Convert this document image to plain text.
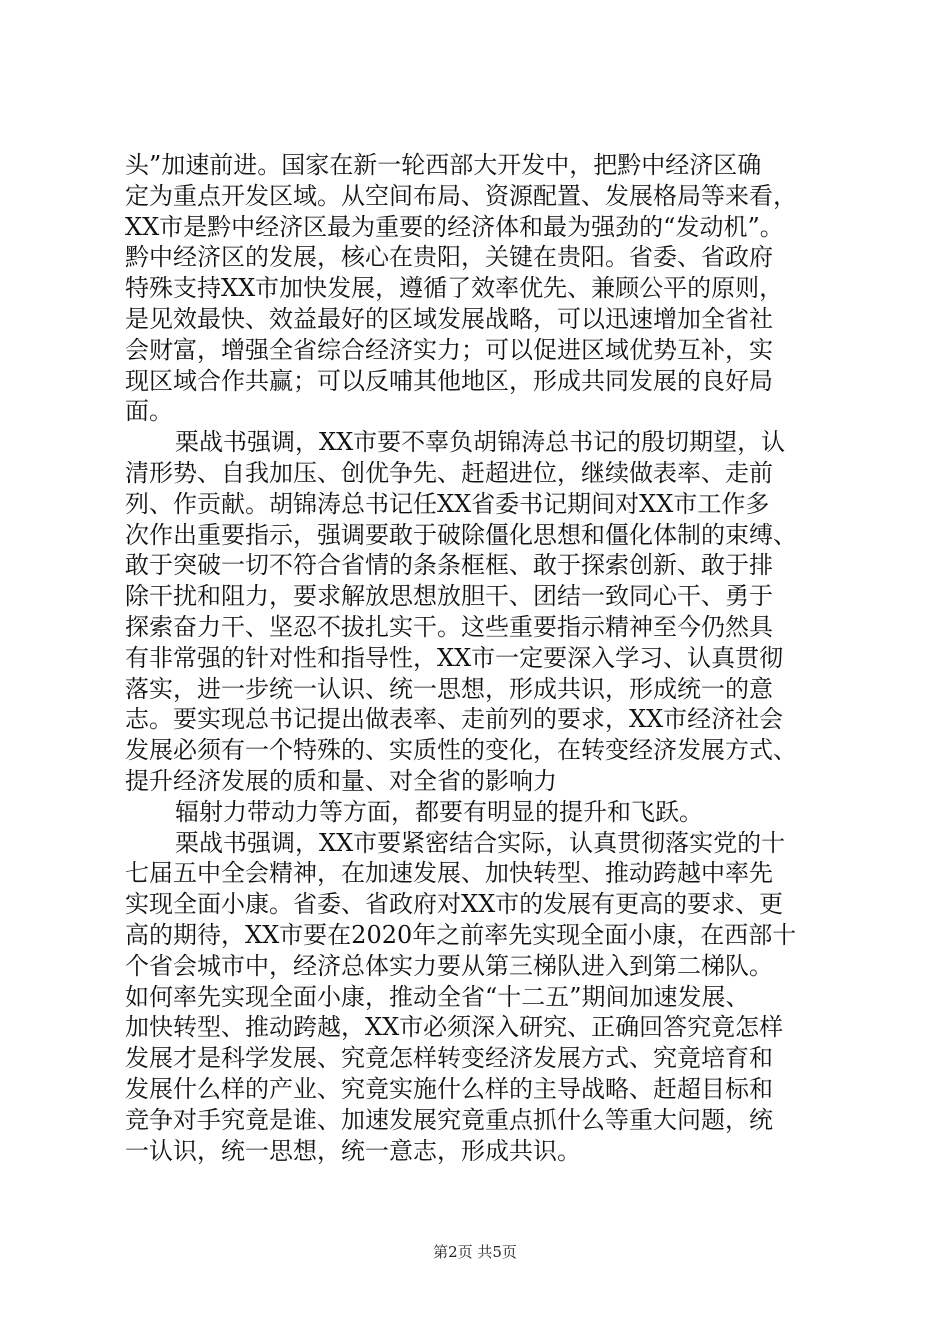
头”加速前进。国家在新一轮西部大开发中，把黔中经济区确
定为重点开发区域。从空间布局、资源配置、发展格局等来看，
XX市是黔中经济区最为重要的经济体和最为强劲的“发动机”。
黔中经济区的发展，核心在贵阳，关键在贵阳。省委、省政府
特殊支持XX市加快发展，遵循了效率优先、兼顾公平的原则，
是见效最快、效益最好的区域发展战略，可以迅速增加全省社
会财富，增强全省综合经济实力；可以促进区域优势互补，实
现区域合作共赢；可以反哺其他地区，形成共同发展的良好局
面。
栗战书强调，XX市要不辜负胡锦涛总书记的殷切期望，认
清形势、自我加压、创优争先、赶超进位，继续做表率、走前
列、作贡献。胡锦涛总书记任XX省委书记期间对XX市工作多
次作出重要指示，强调要敢于破除僵化思想和僵化体制的束缚、
敢于突破一切不符合省情的条条框框、敢于探索创新、敢于排
除干扰和阻力，要求解放思想放胆干、团结一致同心干、勇于
探索奋力干、坚忍不拔扎实干。这些重要指示精神至今仍然具
有非常强的针对性和指导性，XX市一定要深入学习、认真贯彻
落实，进一步统一认识、统一思想，形成共识，形成统一的意
志。要实现总书记提出做表率、走前列的要求，XX市经济社会
发展必须有一个特殊的、实质性的变化，在转变经济发展方式、
提升经济发展的质和量、对全省的影响力
辐射力带动力等方面，都要有明显的提升和飞跃。
栗战书强调，XX市要紧密结合实际，认真贯彻落实党的十
七届五中全会精神，在加速发展、加快转型、推动跨越中率先
实现全面小康。省委、省政府对XX市的发展有更高的要求、更
高的期待，XX市要在2020年之前率先实现全面小康，在西部十
个省会城市中，经济总体实力要从第三梯队进入到第二梯队。
如何率先实现全面小康，推动全省“十二五”期间加速发展、
加快转型、推动跨越，XX市必须深入研究、正确回答究竟怎样
发展才是科学发展、究竟怎样转变经济发展方式、究竟培育和
发展什么样的产业、究竟实施什么样的主导战略、赶超目标和
竞争对手究竟是谁、加速发展究竟重点抓什么等重大问题，统
一认识，统一思想，统一意志，形成共识。
第2页 共5页
